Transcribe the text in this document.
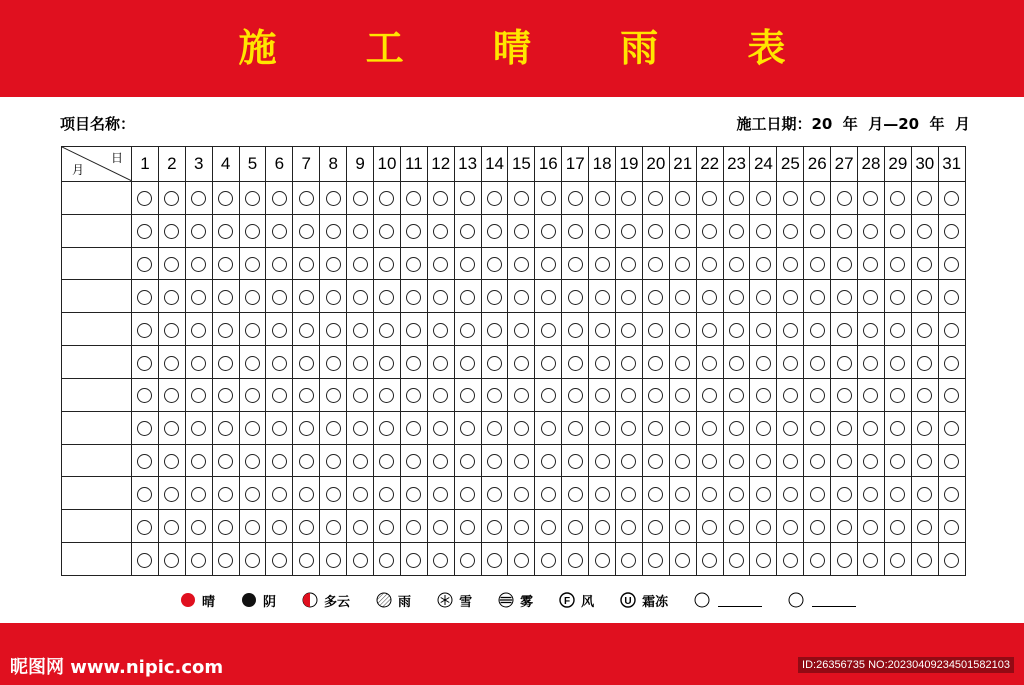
施 工 晴 雨 表
项目名称：	施工日期：20  年  月—20  年  月
日
月	1	2	3	4	5	6	7	8	9	10	11	12	13	14	15	16	17	18	19	20	21	22	23	24	25	26	27	28	29	30	31

晴	阴	多云	雨	雪	雾	F 风	U 霜冻
昵图网 www.nipic.com	ID:26356735 NO:20230409234501582103
